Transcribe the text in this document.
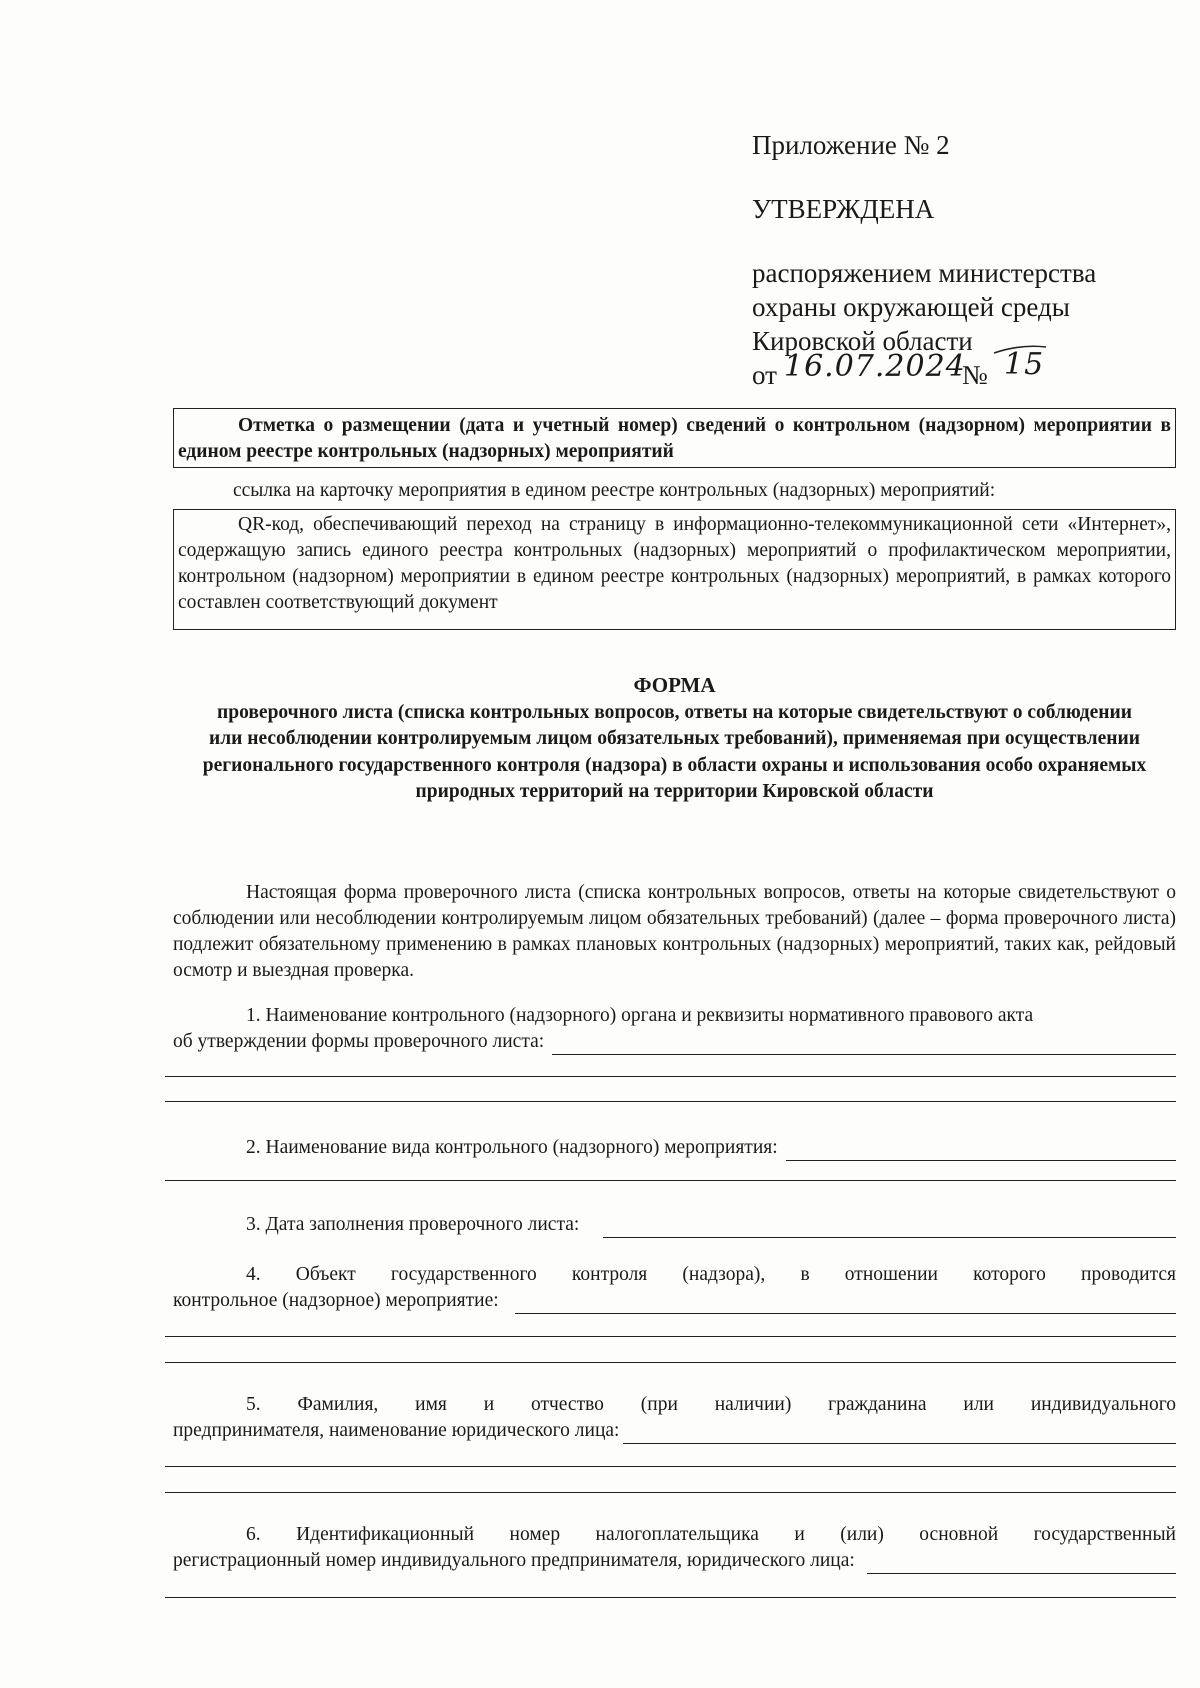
Приложение № 2
УТВЕРЖДЕНА
распоряжением министерства
охраны окружающей среды
Кировской области
от 16.07.2024
№ 15
Отметка о размещении (дата и учетный номер) сведений о контрольном (надзорном) мероприятии в едином реестре контрольных (надзорных) мероприятий
ссылка на карточку мероприятия в едином реестре контрольных (надзорных) мероприятий:
QR-код, обеспечивающий переход на страницу в информационно-телекоммуникационной сети «Интернет», содержащую запись единого реестра контрольных (надзорных) мероприятий о профилактическом мероприятии, контрольном (надзорном) мероприятии в едином реестре контрольных (надзорных) мероприятий, в рамках которого составлен соответствующий документ
ФОРМА
проверочного листа (списка контрольных вопросов, ответы на которые свидетельствуют о соблюдении или несоблюдении контролируемым лицом обязательных требований), применяемая при осуществлении регионального государственного контроля (надзора) в области охраны и использования особо охраняемых природных территорий на территории Кировской области
Настоящая форма проверочного листа (списка контрольных вопросов, ответы на которые свидетельствуют о соблюдении или несоблюдении контролируемым лицом обязательных требований) (далее – форма проверочного листа) подлежит обязательному применению в рамках плановых контрольных (надзорных) мероприятий, таких как, рейдовый осмотр и выездная проверка.
1. Наименование контрольного (надзорного) органа и реквизиты нормативного правового акта
об утверждении формы проверочного листа:
2. Наименование вида контрольного (надзорного) мероприятия:
3. Дата заполнения проверочного листа:
4. Объект государственного контроля (надзора), в отношении которого проводится
контрольное (надзорное) мероприятие:
5. Фамилия, имя и отчество (при наличии) гражданина или индивидуального
предпринимателя, наименование юридического лица:
6. Идентификационный номер налогоплательщика и (или) основной государственный
регистрационный номер индивидуального предпринимателя, юридического лица:
